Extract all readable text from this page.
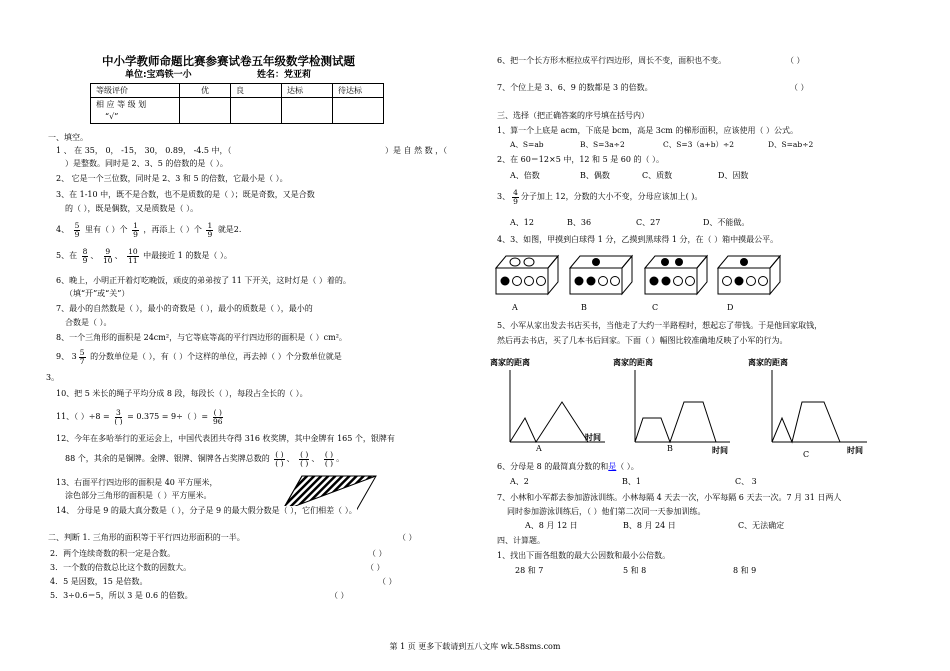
中小学教师命题比赛参赛试卷五年级数学检测试题
单位:宝鸡铁一小	姓名：党亚莉
等级评价	优	良	达标	待达标
相 应 等 级 划				
“√”				
一、填空。
1 、 在 35， 0， -15， 30， 0.89， -4.5 中，（	）是 自 然 数 ，（
）是整数。同时是 2、3、5 的倍数的是（ ）。
2、 它是一个三位数，同时是 2、3 和 5 的倍数，它最小是（ ）。
3、在 1-10 中，既不是合数，也不是质数的是（ ）；既是奇数，又是合数
的（ ），既是偶数，又是质数是（ ）。
4、 $\frac{5}{9}$ 里有（ ）个 $\frac{1}{9}$ ，再添上（ ）个 $\frac{1}{9}$ 就是2.
5、在 $\frac{8}{9}$ 、 $\frac{9}{10}$ 、 $\frac{10}{11}$ 中最接近 1 的数是（ ）。
6、晚上，小明正开着灯吃晚饭，顽皮的弟弟按了 11 下开关，这时灯是（ ）着的。
（填“开”或“关”）
7、最小的自然数是（ ），最小的奇数是（ ），最小的质数是（ ），最小的
合数是（ ）。
8、一个三角形的面积是 24cm²，与它等底等高的平行四边形的面积是（ ）cm²。
9、 $3 \frac{5}{7}$ 的分数单位是（ ），有（ ）个这样的单位，再去掉（ ）个分数单位就是
3。
10、把 5 米长的绳子平均分成 8 段，每段长（ ），每段占全长的（ ）。
11、（ ）$\div 8 = \frac{3}{( )} = 0.375 = 9\div$（ ）= $\frac{( )}{96}$
12、今年在多哈举行的亚运会上，中国代表团共夺得 316 枚奖牌，其中金牌有 165 个，银牌有
88 个，其余的是铜牌。金牌、银牌、铜牌各占奖牌总数的 $\frac{( )}{( )}$ 、 $\frac{( )}{( )}$ 、 $\frac{( )}{( )}$ 。
13、右面平行四边形的面积是 40 平方厘米，
涂色部分三角形的面积是（ ）平方厘米。
14、 分母是 9 的最大真分数是（ ），分子是 9 的最大假分数是（ ），它们相差（ ）。
二、判断 1. 三角形的面积等于平行四边形面积的一半。	（ ）
2．两个连续奇数的积一定是合数。	（ ）
3．一个数的倍数总比这个数的因数大。	（ ）
4．5 是因数，15 是倍数。	（ ）
5．3÷0.6＝5，所以 3 是 0.6 的倍数。	（ ）
6、把一个长方形木框拉成平行四边形，周长不变，面积也不变。	（ ）
7、个位上是 3、6、9 的数都是 3 的倍数。	（ ）
三、选择（把正确答案的序号填在括号内）
1、算一个上底是 acm，下底是 bcm，高是 3cm 的梯形面积，应该使用（ ）公式。
A、S=ab	B、S=3a÷2	C、S=3（a+b）÷2	D、S=ab÷2
2、在 60＝12×5 中，12 和 5 是 60 的（ ）。
A、倍数	B、偶数	C、质数	D、因数
3、 $\frac{4}{9}$ 分子加上 12，分数的大小不变，分母应该加上( )。
A、12	B、36	C、27	D、不能做。
4、3、如图，甲摸到白球得 1 分，乙摸到黑球得 1 分，在（ ）箱中摸最公平。
A	B	C	D
5、小军从家出发去书店买书，当他走了大约一半路程时，想起忘了带钱。于是他回家取钱，
然后再去书店，买了几本书后回家。下面（ ）幅图比较准确地反映了小军的行为。
离家的距离	离家的距离	离家的距离
时间
时间	时间
A	B
C
6、分母是 8 的最简真分数的和是（ ）。
A、2	B、1	C、 3
7、小林和小军都去参加游泳训练。小林每隔 4 天去一次，小军每隔 6 天去一次。7 月 31 日两人
同时参加游泳训练后，（ ）他们第二次同一天参加训练。
A、8 月 12 日	B、8 月 24 日	C、无法确定
四、计算题。
1、找出下面各组数的最大公因数和最小公倍数。
28 和 7	5 和 8	8 和 9
第 1 页 更多下载请到五八文库 wk.58sms.com
